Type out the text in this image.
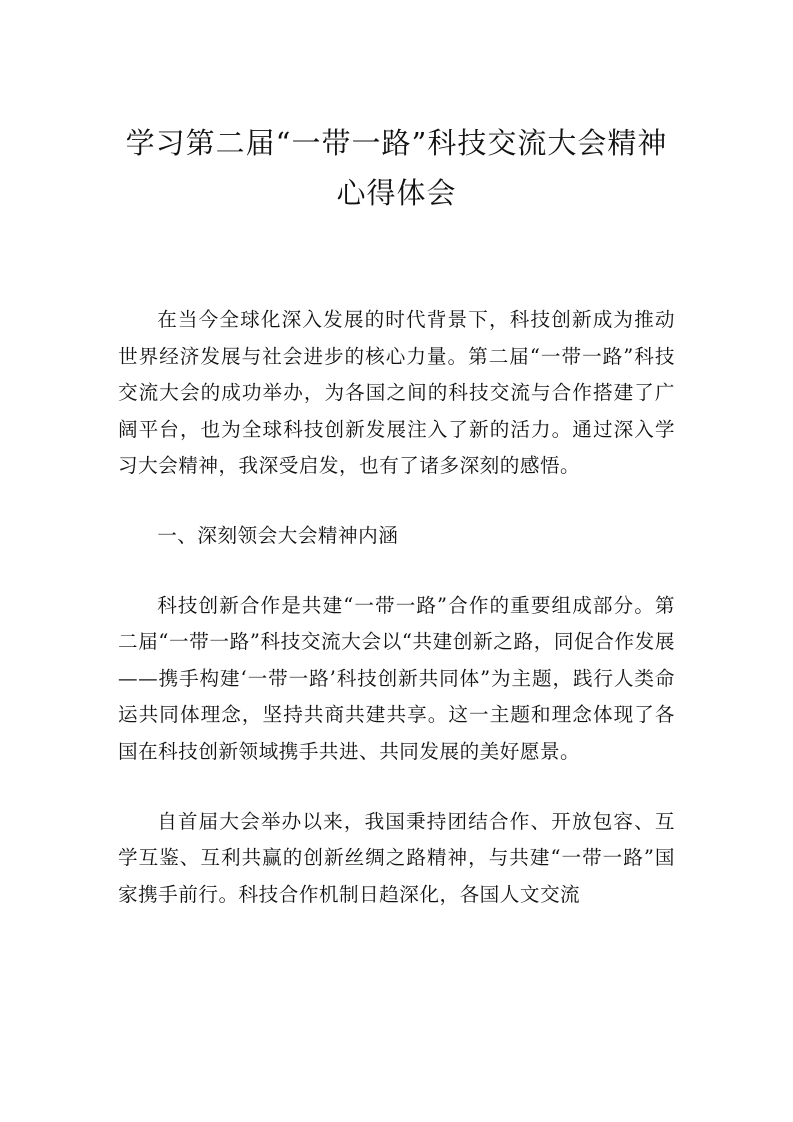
学习第二届“一带一路”科技交流大会精神
心得体会

在当今全球化深入发展的时代背景下，科技创新成为推动世界经济发展与社会进步的核心力量。第二届“一带一路”科技交流大会的成功举办，为各国之间的科技交流与合作搭建了广阔平台，也为全球科技创新发展注入了新的活力。通过深入学习大会精神，我深受启发，也有了诸多深刻的感悟。

一、深刻领会大会精神内涵

科技创新合作是共建“一带一路”合作的重要组成部分。第二届“一带一路”科技交流大会以“共建创新之路，同促合作发展——携手构建‘一带一路’科技创新共同体”为主题，践行人类命运共同体理念，坚持共商共建共享。这一主题和理念体现了各国在科技创新领域携手共进、共同发展的美好愿景。

自首届大会举办以来，我国秉持团结合作、开放包容、互学互鉴、互利共赢的创新丝绸之路精神，与共建“一带一路”国家携手前行。科技合作机制日趋深化，各国人文交流
